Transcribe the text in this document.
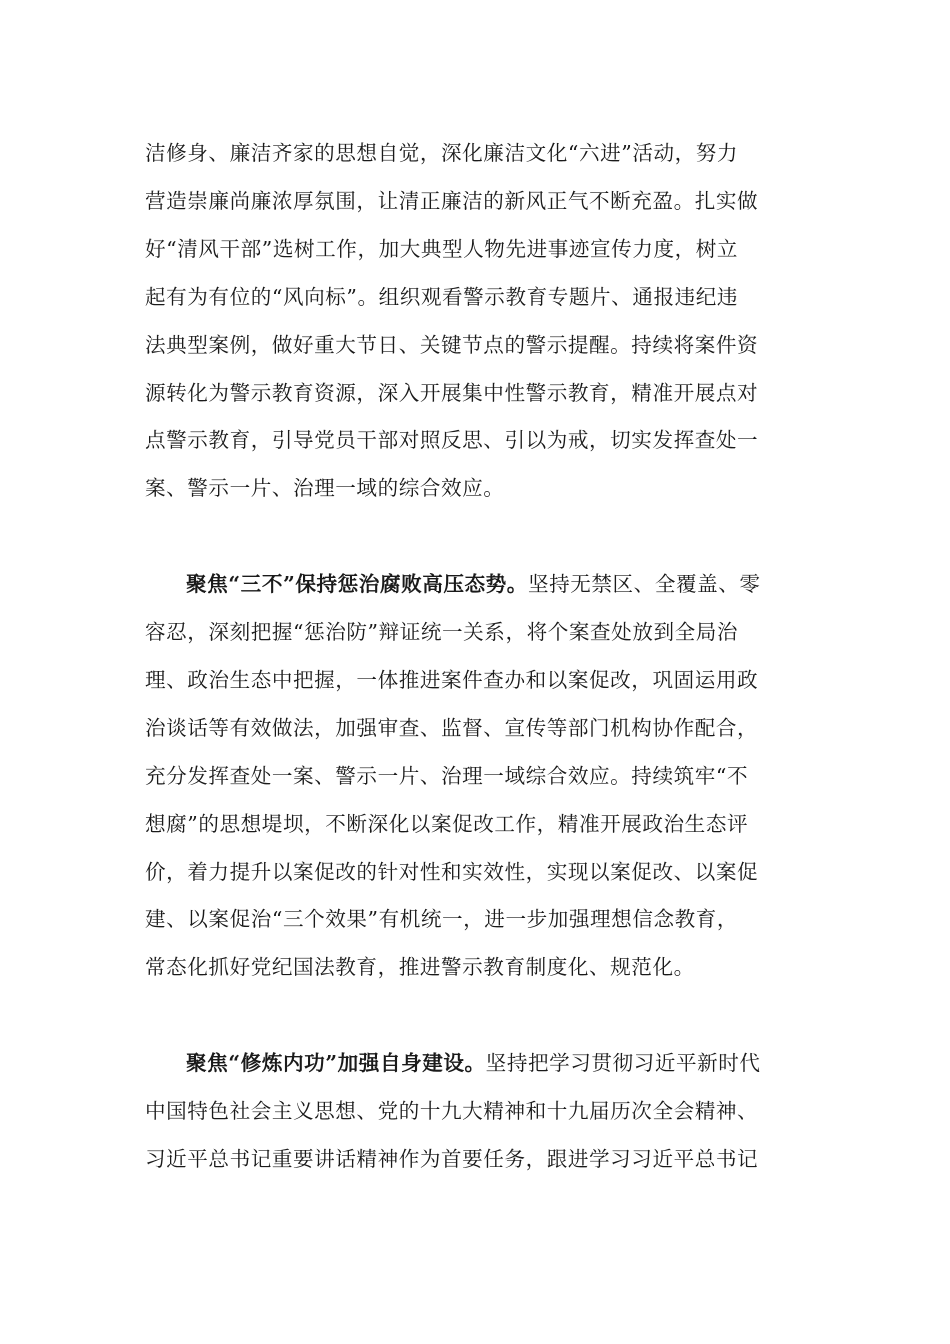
洁修身、廉洁齐家的思想自觉，深化廉洁文化“六进”活动，努力
营造崇廉尚廉浓厚氛围，让清正廉洁的新风正气不断充盈。扎实做
好“清风干部”选树工作，加大典型人物先进事迹宣传力度，树立
起有为有位的“风向标”。组织观看警示教育专题片、通报违纪违
法典型案例，做好重大节日、关键节点的警示提醒。持续将案件资
源转化为警示教育资源，深入开展集中性警示教育，精准开展点对
点警示教育，引导党员干部对照反思、引以为戒，切实发挥查处一
案、警示一片、治理一域的综合效应。

聚焦“三不”保持惩治腐败高压态势。坚持无禁区、全覆盖、零
容忍，深刻把握“惩治防”辩证统一关系，将个案查处放到全局治
理、政治生态中把握，一体推进案件查办和以案促改，巩固运用政
治谈话等有效做法，加强审查、监督、宣传等部门机构协作配合，
充分发挥查处一案、警示一片、治理一域综合效应。持续筑牢“不
想腐”的思想堤坝，不断深化以案促改工作，精准开展政治生态评
价，着力提升以案促改的针对性和实效性，实现以案促改、以案促
建、以案促治“三个效果”有机统一，进一步加强理想信念教育，
常态化抓好党纪国法教育，推进警示教育制度化、规范化。

聚焦“修炼内功”加强自身建设。坚持把学习贯彻习近平新时代
中国特色社会主义思想、党的十九大精神和十九届历次全会精神、
习近平总书记重要讲话精神作为首要任务，跟进学习习近平总书记
